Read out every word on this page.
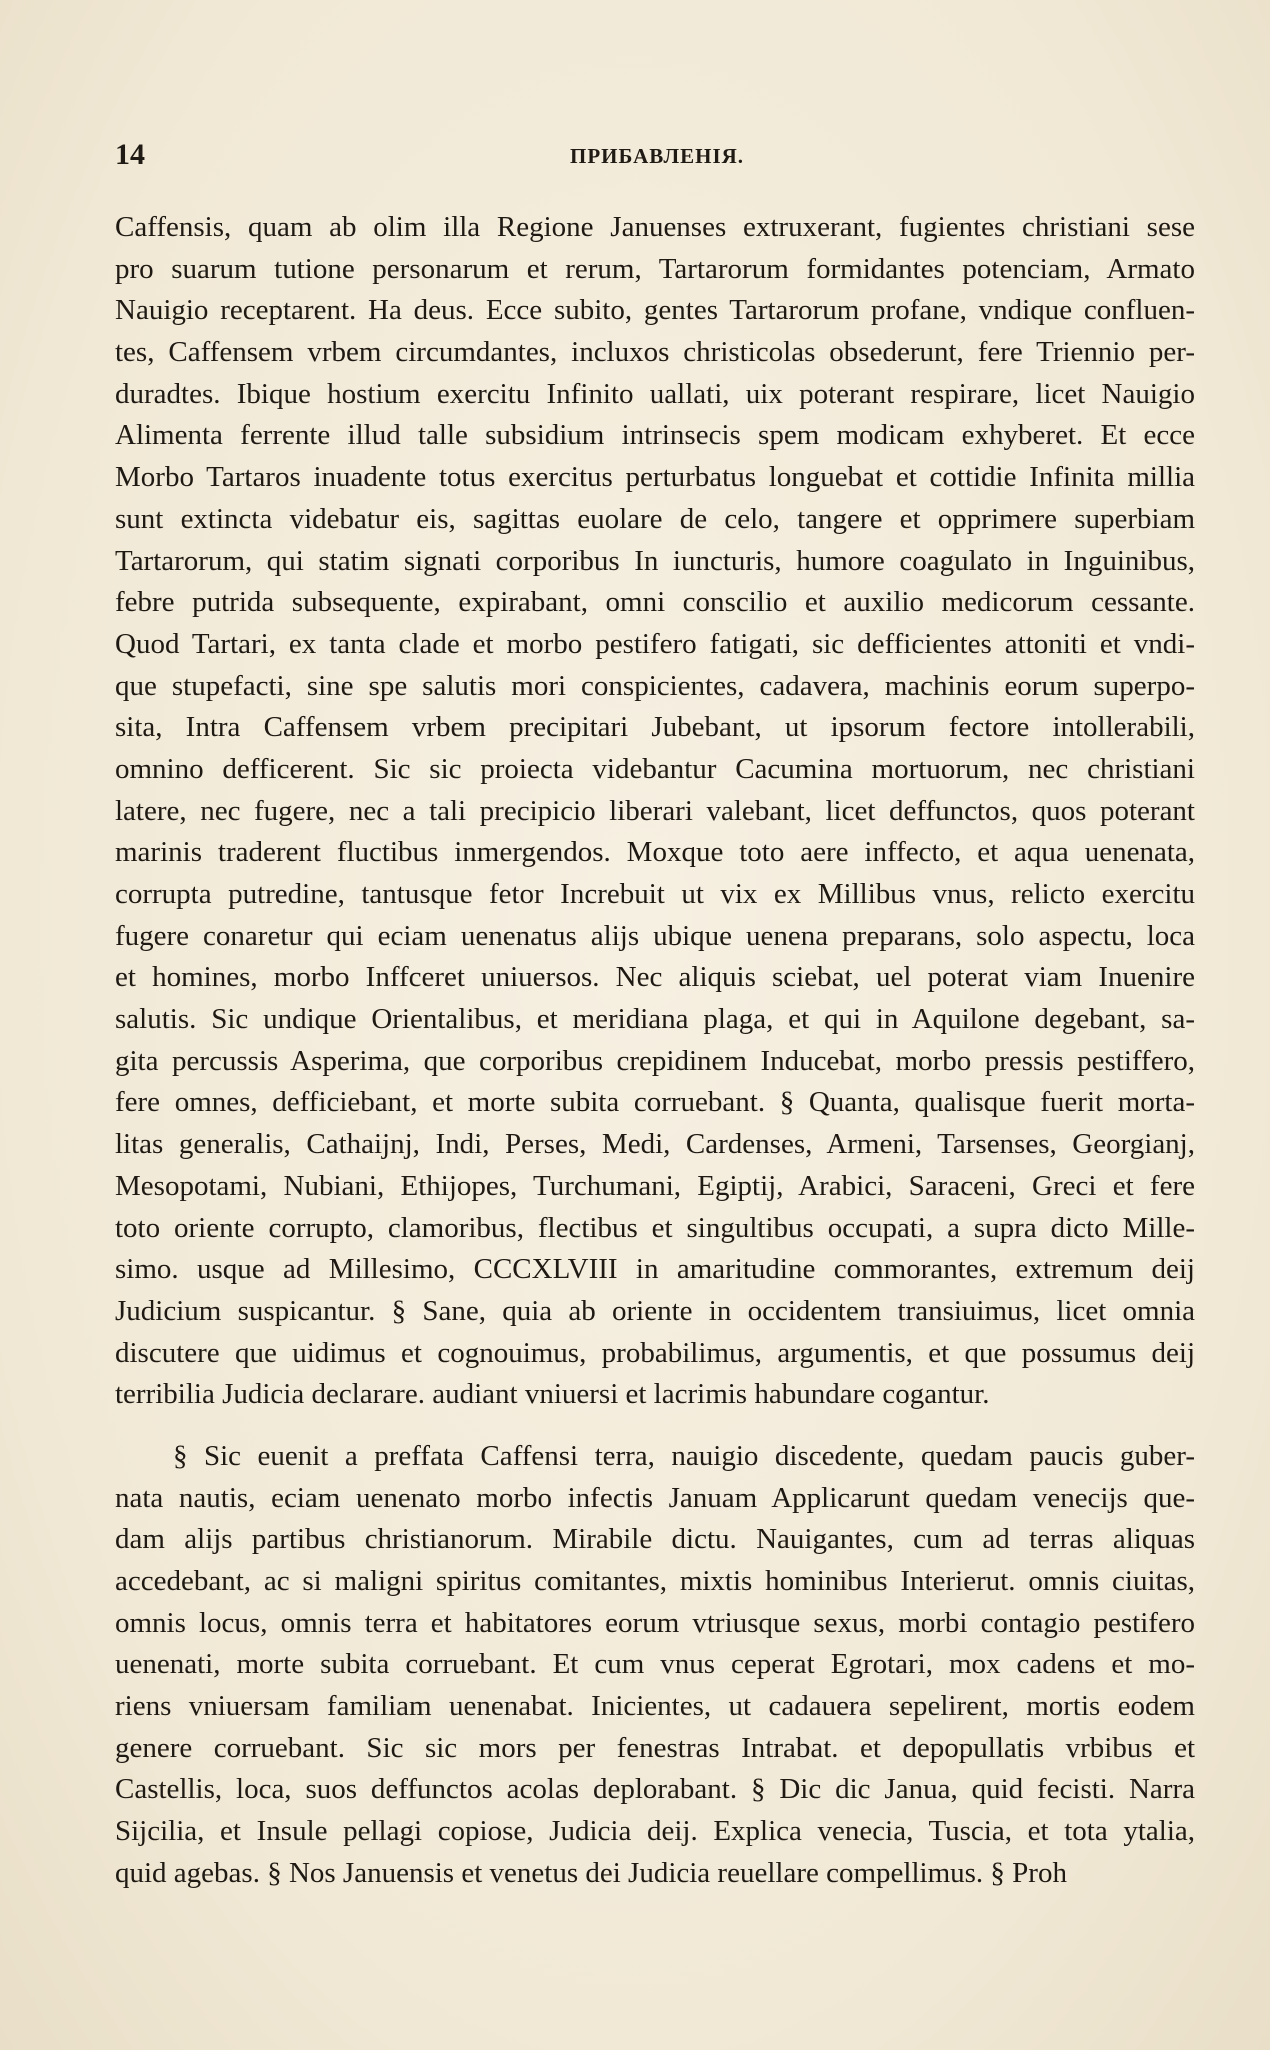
14	ПРИБАВЛЕНІЯ.
Caffensis, quam ab olim illa Regione Januenses extruxerant, fugientes christiani sese
pro suarum tutione personarum et rerum, Tartarorum formidantes potenciam, Armato
Nauigio receptarent. Ha deus. Ecce subito, gentes Tartarorum profane, vndique confluen-
tes, Caffensem vrbem circumdantes, incluxos christicolas obsederunt, fere Triennio per-
duradtes. Ibique hostium exercitu Infinito uallati, uix poterant respirare, licet Nauigio
Alimenta ferrente illud talle subsidium intrinsecis spem modicam exhyberet. Et ecce
Morbo Tartaros inuadente totus exercitus perturbatus longuebat et cottidie Infinita millia
sunt extincta videbatur eis, sagittas euolare de celo, tangere et opprimere superbiam
Tartarorum, qui statim signati corporibus In iuncturis, humore coagulato in Inguinibus,
febre putrida subsequente, expirabant, omni conscilio et auxilio medicorum cessante.
Quod Tartari, ex tanta clade et morbo pestifero fatigati, sic defficientes attoniti et vndi-
que stupefacti, sine spe salutis mori conspicientes, cadavera, machinis eorum superpo-
sita, Intra Caffensem vrbem precipitari Jubebant, ut ipsorum fectore intollerabili,
omnino defficerent. Sic sic proiecta videbantur Cacumina mortuorum, nec christiani
latere, nec fugere, nec a tali precipicio liberari valebant, licet deffunctos, quos poterant
marinis traderent fluctibus inmergendos. Moxque toto aere inffecto, et aqua uenenata,
corrupta putredine, tantusque fetor Increbuit ut vix ex Millibus vnus, relicto exercitu
fugere conaretur qui eciam uenenatus alijs ubique uenena preparans, solo aspectu, loca
et homines, morbo Inffceret uniuersos. Nec aliquis sciebat, uel poterat viam Inuenire
salutis. Sic undique Orientalibus, et meridiana plaga, et qui in Aquilone degebant, sa-
gita percussis Asperima, que corporibus crepidinem Inducebat, morbo pressis pestiffero,
fere omnes, defficiebant, et morte subita corruebant. § Quanta, qualisque fuerit morta-
litas generalis, Cathaijnj, Indi, Perses, Medi, Cardenses, Armeni, Tarsenses, Georgianj,
Mesopotami, Nubiani, Ethijopes, Turchumani, Egiptij, Arabici, Saraceni, Greci et fere
toto oriente corrupto, clamoribus, flectibus et singultibus occupati, a supra dicto Mille-
simo. usque ad Millesimo, CCCXLVIII in amaritudine commorantes, extremum deij
Judicium suspicantur. § Sane, quia ab oriente in occidentem transiuimus, licet omnia
discutere que uidimus et cognouimus, probabilimus, argumentis, et que possumus deij
terribilia Judicia declarare. audiant vniuersi et lacrimis habundare cogantur.
§ Sic euenit a preffata Caffensi terra, nauigio discedente, quedam paucis guber-
nata nautis, eciam uenenato morbo infectis Januam Applicarunt quedam venecijs que-
dam alijs partibus christianorum. Mirabile dictu. Nauigantes, cum ad terras aliquas
accedebant, ac si maligni spiritus comitantes, mixtis hominibus Interierut. omnis ciuitas,
omnis locus, omnis terra et habitatores eorum vtriusque sexus, morbi contagio pestifero
uenenati, morte subita corruebant. Et cum vnus ceperat Egrotari, mox cadens et mo-
riens vniuersam familiam uenenabat. Inicientes, ut cadauera sepelirent, mortis eodem
genere corruebant. Sic sic mors per fenestras Intrabat. et depopullatis vrbibus et
Castellis, loca, suos deffunctos acolas deplorabant. § Dic dic Janua, quid fecisti. Narra
Sijcilia, et Insule pellagi copiose, Judicia deij. Explica venecia, Tuscia, et tota ytalia,
quid agebas. § Nos Januensis et venetus dei Judicia reuellare compellimus. § Proh
